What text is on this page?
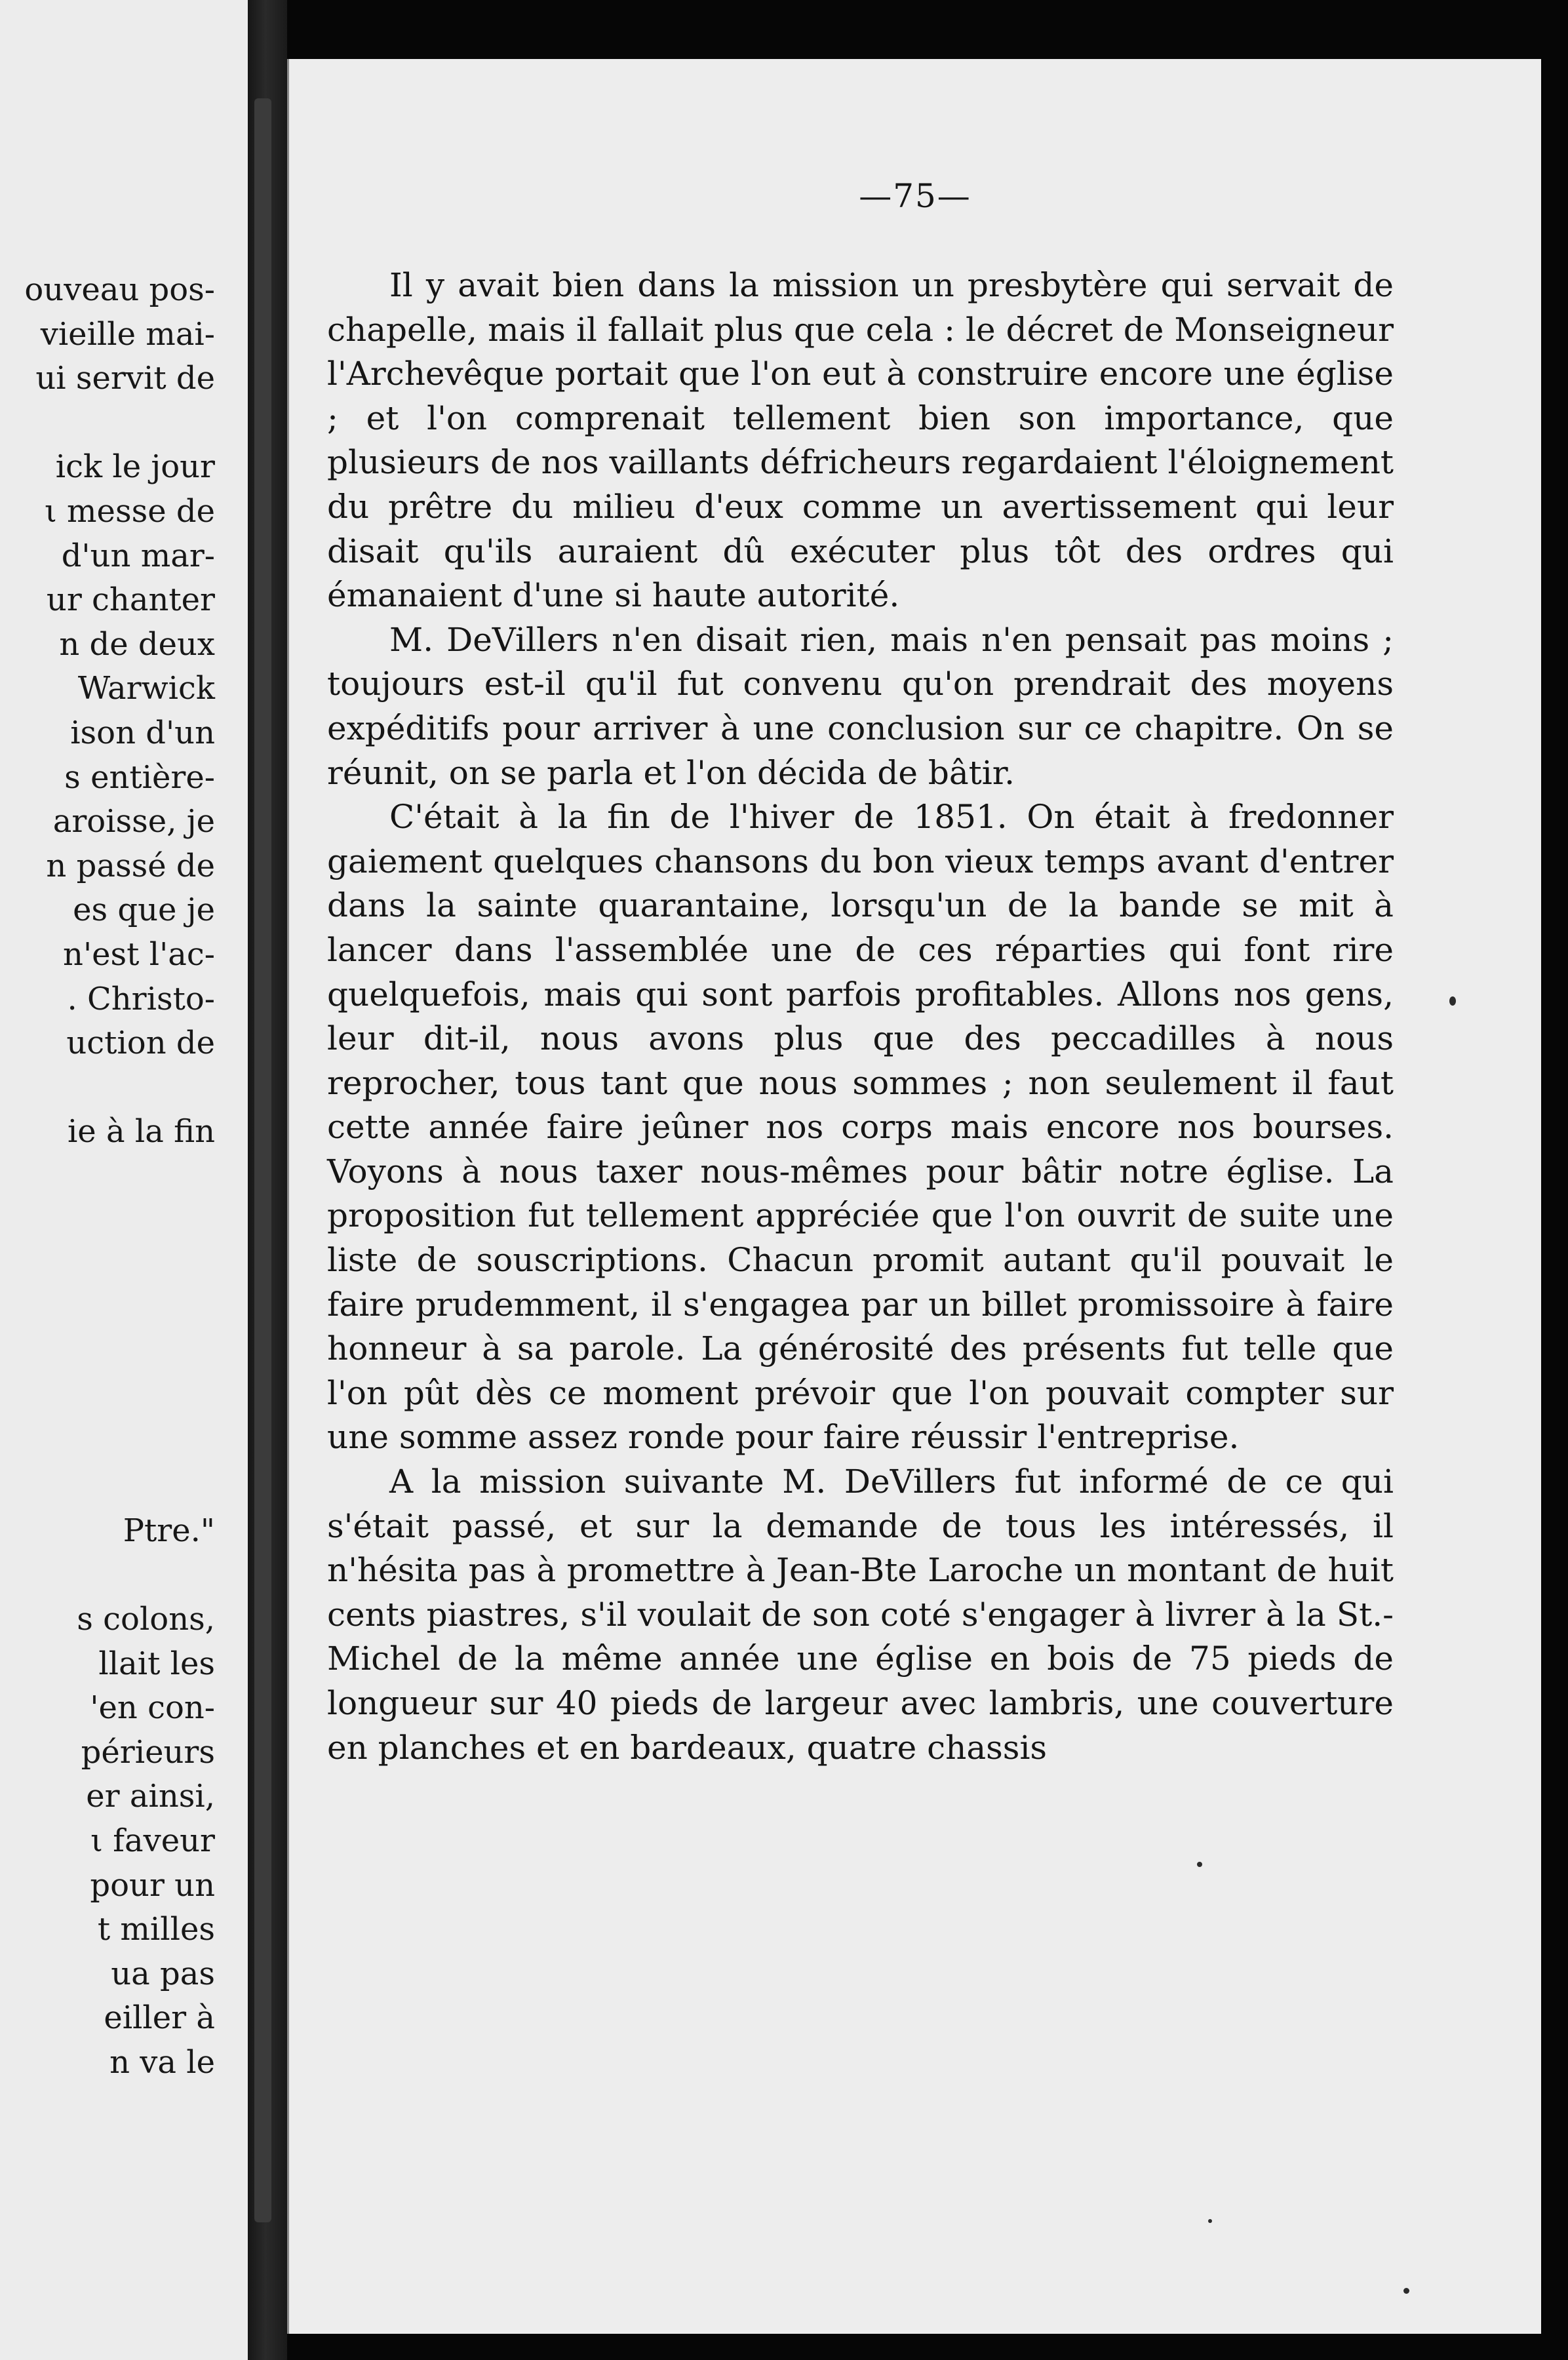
ouveau pos-
vieille mai-
ui servit de
ick le jour
ι messe de
d'un mar-
ur chanter
n de deux
Warwick
ison d'un
s entière-
aroisse, je
n passé de
es que je
n'est l'ac-
. Christo-
uction de
ie à la fin
Ptre."
s colons,
llait les
'en con-
périeurs
er ainsi,
ι faveur
pour un
t milles
ua pas
eiller à
n va le
—75—

Il y avait bien dans la mission un presbytère qui servait de chapelle, mais il fallait plus que cela : le décret de Monseigneur l'Archevêque portait que l'on eut à construire encore une église ; et l'on comprenait tellement bien son importance, que plusieurs de nos vaillants défricheurs regardaient l'éloignement du prêtre du milieu d'eux comme un avertissement qui leur disait qu'ils auraient dû exécuter plus tôt des ordres qui émanaient d'une si haute autorité.

M. DeVillers n'en disait rien, mais n'en pensait pas moins ; toujours est-il qu'il fut convenu qu'on prendrait des moyens expéditifs pour arriver à une conclusion sur ce chapitre. On se réunit, on se parla et l'on décida de bâtir.

C'était à la fin de l'hiver de 1851. On était à fredonner gaiement quelques chansons du bon vieux temps avant d'entrer dans la sainte quarantaine, lorsqu'un de la bande se mit à lancer dans l'assemblée une de ces réparties qui font rire quelquefois, mais qui sont parfois profitables. Allons nos gens, leur dit-il, nous avons plus que des peccadilles à nous reprocher, tous tant que nous sommes ; non seulement il faut cette année faire jeûner nos corps mais encore nos bourses. Voyons à nous taxer nous-mêmes pour bâtir notre église. La proposition fut tellement appréciée que l'on ouvrit de suite une liste de souscriptions. Chacun promit autant qu'il pouvait le faire prudemment, il s'engagea par un billet promissoire à faire honneur à sa parole. La générosité des présents fut telle que l'on pût dès ce moment prévoir que l'on pouvait compter sur une somme assez ronde pour faire réussir l'entreprise.

A la mission suivante M. DeVillers fut informé de ce qui s'était passé, et sur la demande de tous les intéressés, il n'hésita pas à promettre à Jean-Bte Laroche un montant de huit cents piastres, s'il voulait de son coté s'engager à livrer à la St.-Michel de la même année une église en bois de 75 pieds de longueur sur 40 pieds de largeur avec lambris, une couverture en planches et en bardeaux, quatre chassis
